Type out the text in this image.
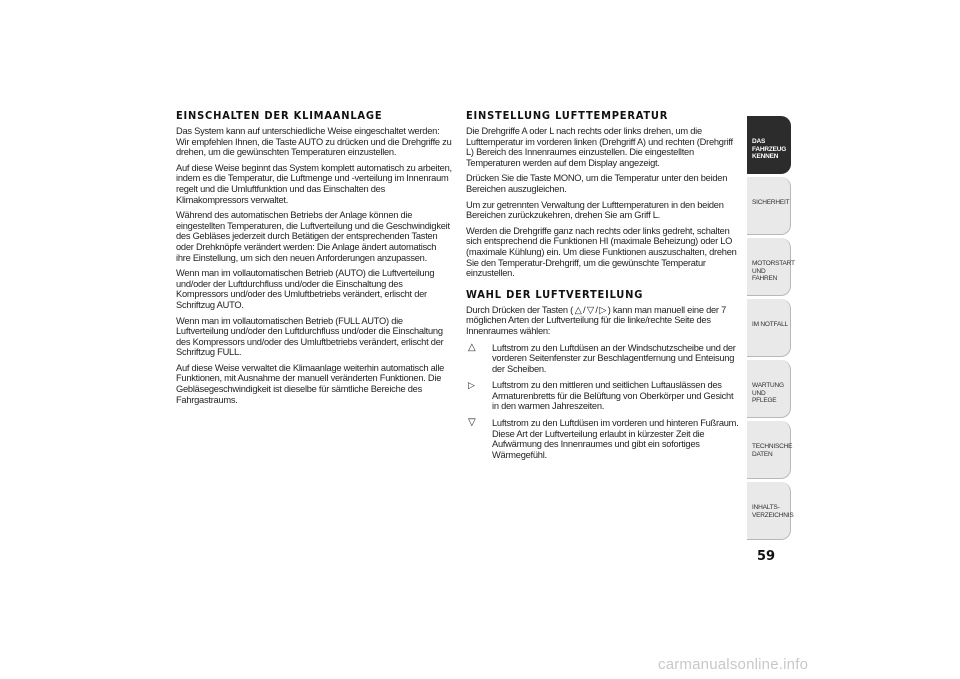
EINSCHALTEN DER KLIMAANLAGE

Das System kann auf unterschiedliche Weise eingeschaltet werden: Wir empfehlen Ihnen, die Taste AUTO zu drücken und die Drehgriffe zu drehen, um die gewünschten Temperaturen einzustellen.

Auf diese Weise beginnt das System komplett automatisch zu arbeiten, indem es die Temperatur, die Luftmenge und -verteilung im Innenraum regelt und die Umluftfunktion und das Einschalten des Klimakompressors verwaltet.

Während des automatischen Betriebs der Anlage können die eingestellten Temperaturen, die Luftverteilung und die Geschwindigkeit des Gebläses jederzeit durch Betätigen der entsprechenden Tasten oder Drehknöpfe verändert werden: Die Anlage ändert automatisch ihre Einstellung, um sich den neuen Anforderungen anzupassen.

Wenn man im vollautomatischen Betrieb (AUTO) die Luftverteilung und/oder der Luftdurchfluss und/oder die Einschaltung des Kompressors und/oder des Umluftbetriebs verändert, erlischt der Schriftzug AUTO.

Wenn man im vollautomatischen Betrieb (FULL AUTO) die Luftverteilung und/oder den Luftdurchfluss und/oder die Einschaltung des Kompressors und/oder des Umluftbetriebs verändert, erlischt der Schriftzug FULL.

Auf diese Weise verwaltet die Klimaanlage weiterhin automatisch alle Funktionen, mit Ausnahme der manuell veränderten Funktionen. Die Gebläsegeschwindigkeit ist dieselbe für sämtliche Bereiche des Fahrgastraums.

EINSTELLUNG LUFTTEMPERATUR

Die Drehgriffe A oder L nach rechts oder links drehen, um die Lufttemperatur im vorderen linken (Drehgriff A) und rechten (Drehgriff L) Bereich des Innenraumes einzustellen. Die eingestellten Temperaturen werden auf dem Display angezeigt.

Drücken Sie die Taste MONO, um die Temperatur unter den beiden Bereichen auszugleichen.

Um zur getrennten Verwaltung der Lufttemperaturen in den beiden Bereichen zurückzukehren, drehen Sie am Griff L.

Werden die Drehgriffe ganz nach rechts oder links gedreht, schalten sich entsprechend die Funktionen HI (maximale Beheizung) oder LO (maximale Kühlung) ein. Um diese Funktionen auszuschalten, drehen Sie den Temperatur-Drehgriff, um die gewünschte Temperatur einzustellen.

WAHL DER LUFTVERTEILUNG

Durch Drücken der Tasten ( △ / ▽ / ▷ ) kann man manuell eine der 7 möglichen Arten der Luftverteilung für die linke/rechte Seite des Innenraumes wählen:

△	Luftstrom zu den Luftdüsen an der Windschutzscheibe und der vorderen Seitenfenster zur Beschlagentfernung und Enteisung der Scheiben.

▷	Luftstrom zu den mittleren und seitlichen Luftauslässen des Armaturenbretts für die Belüftung von Oberkörper und Gesicht in den warmen Jahreszeiten.

▽	Luftstrom zu den Luftdüsen im vorderen und hinteren Fußraum. Diese Art der Luftverteilung erlaubt in kürzester Zeit die Aufwärmung des Innenraumes und gibt ein sofortiges Wärmegefühl.

DAS FAHRZEUG KENNEN
SICHERHEIT
MOTORSTART UND FAHREN
IM NOTFALL
WARTUNG UND PFLEGE
TECHNISCHE DATEN
INHALTS-VERZEICHNIS
59
carmanualsonline.info
